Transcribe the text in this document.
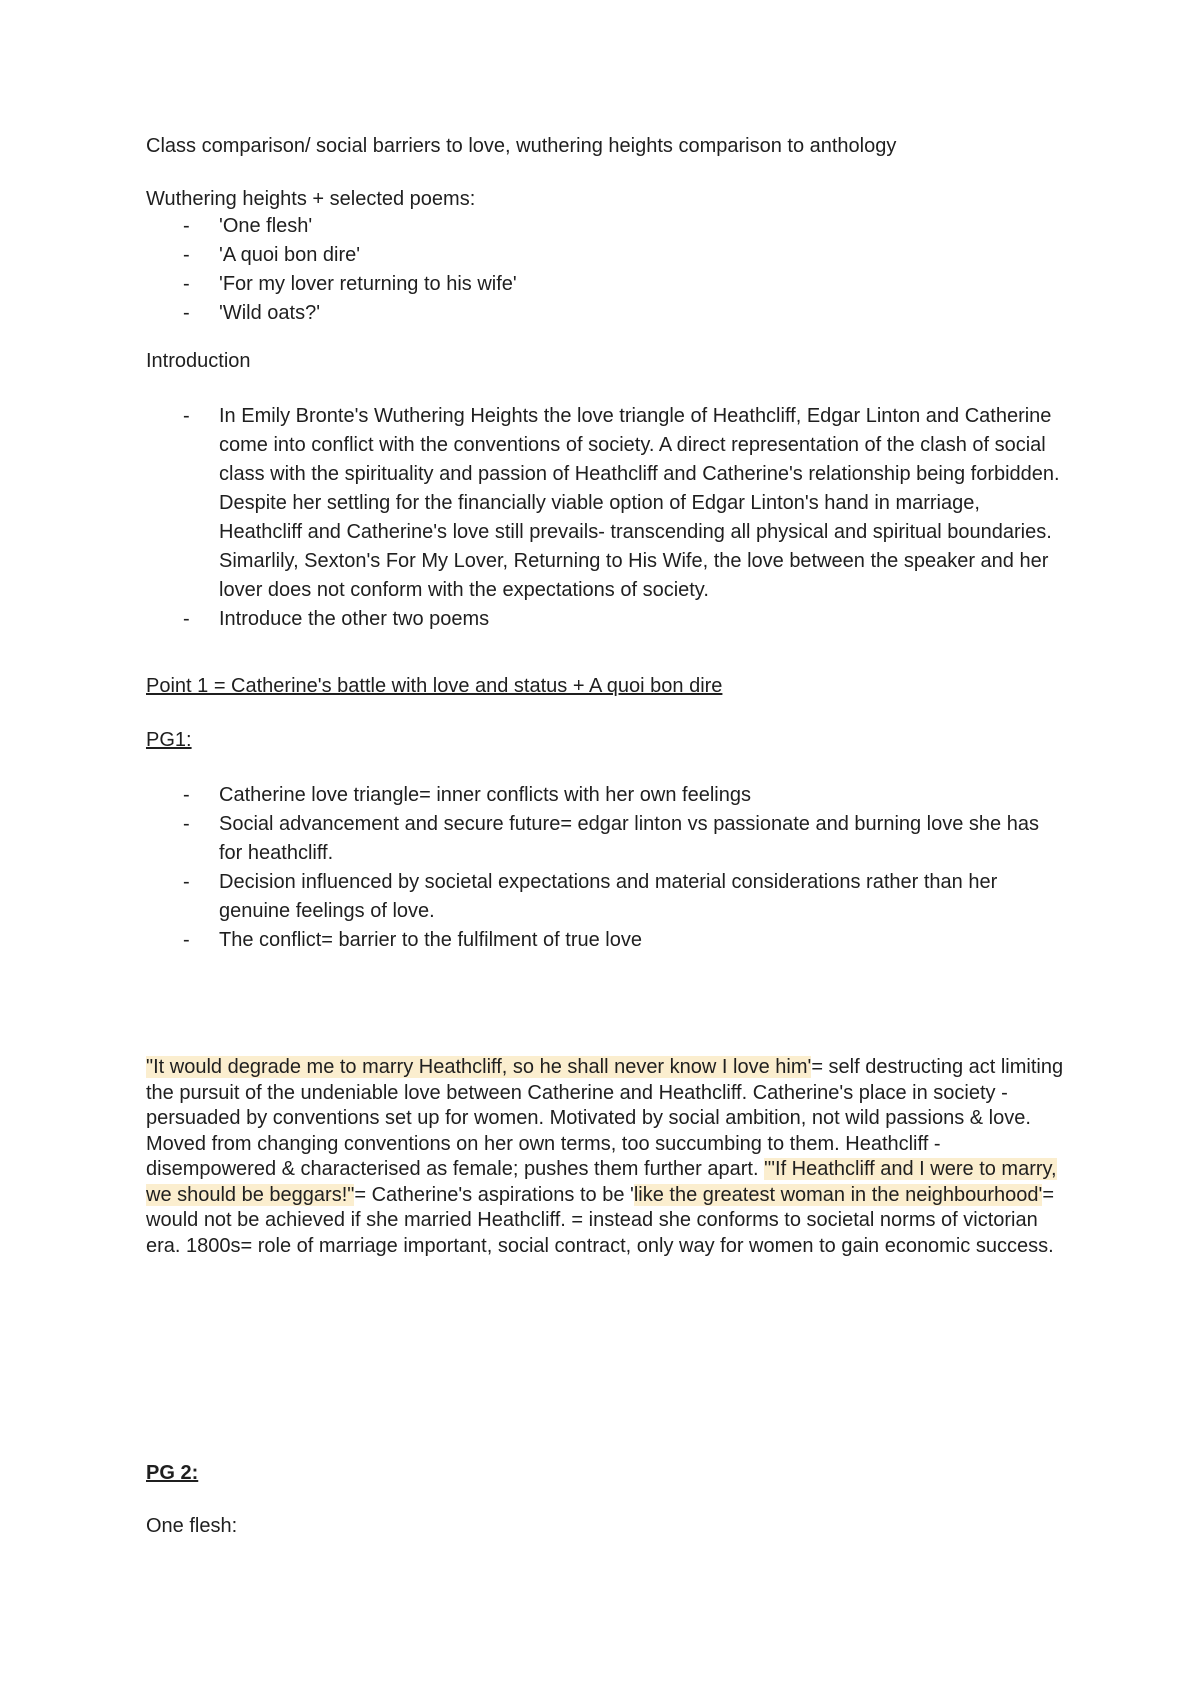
Class comparison/ social barriers to love, wuthering heights comparison to anthology
Wuthering heights + selected poems:
- 'One flesh'
- 'A quoi bon dire'
- 'For my lover returning to his wife'
- 'Wild oats?'
Introduction
- In Emily Bronte's Wuthering Heights the love triangle of Heathcliff, Edgar Linton and Catherine come into conflict with the conventions of society. A direct representation of the clash of social class with the spirituality and passion of Heathcliff and Catherine's relationship being forbidden. Despite her settling for the financially viable option of Edgar Linton's hand in marriage, Heathcliff and Catherine's love still prevails- transcending all physical and spiritual boundaries. Simarlily, Sexton's For My Lover, Returning to His Wife, the love between the speaker and her lover does not conform with the expectations of society.
- Introduce the other two poems
Point 1 = Catherine's battle with love and status + A quoi bon dire
PG1:
- Catherine love triangle= inner conflicts with her own feelings
- Social advancement and secure future= edgar linton vs passionate and burning love she has for heathcliff.
- Decision influenced by societal expectations and material considerations rather than her genuine feelings of love.
- The conflict= barrier to the fulfilment of true love

"It would degrade me to marry Heathcliff, so he shall never know I love him'= self destructing act limiting the pursuit of the undeniable love between Catherine and Heathcliff. Catherine's place in society - persuaded by conventions set up for women. Motivated by social ambition, not wild passions & love. Moved from changing conventions on her own terms, too succumbing to them. Heathcliff - disempowered & characterised as female; pushes them further apart. "'If Heathcliff and I were to marry, we should be beggars!"= Catherine's aspirations to be 'like the greatest woman in the neighbourhood'= would not be achieved if she married Heathcliff. = instead she conforms to societal norms of victorian era. 1800s= role of marriage important, social contract, only way for women to gain economic success.

PG 2:
One flesh:
